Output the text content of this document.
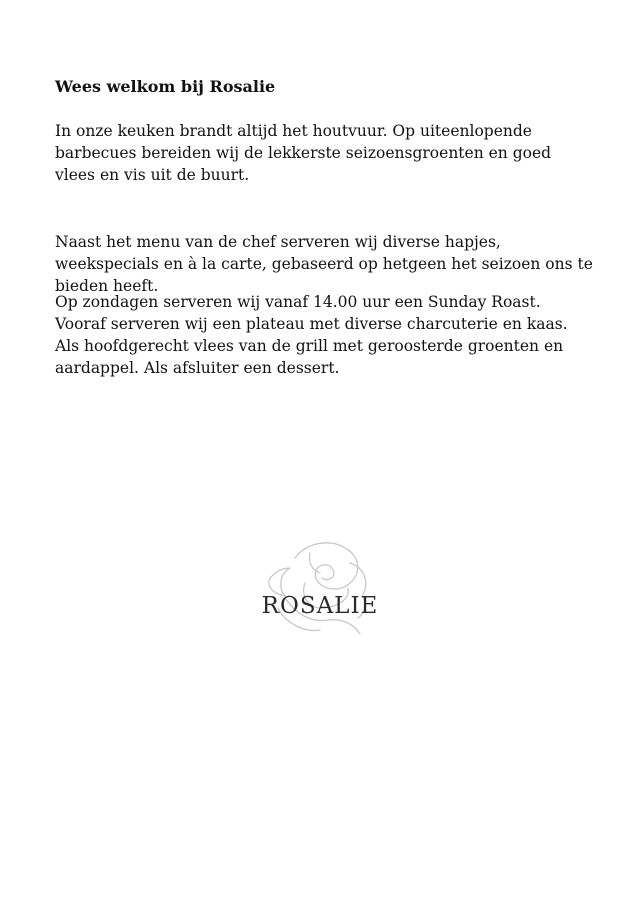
Wees welkom bij Rosalie
In onze keuken brandt altijd het houtvuur. Op uiteenlopende
barbecues bereiden wij de lekkerste seizoensgroenten en goed
vlees en vis uit de buurt.
Naast het menu van de chef serveren wij diverse hapjes,
weekspecials en à la carte, gebaseerd op hetgeen het seizoen ons te
bieden heeft.
Op zondagen serveren wij vanaf 14.00 uur een Sunday Roast.
Vooraf serveren wij een plateau met diverse charcuterie en kaas.
Als hoofdgerecht vlees van de grill met geroosterde groenten en
aardappel. Als afsluiter een dessert.
ROSALIE
